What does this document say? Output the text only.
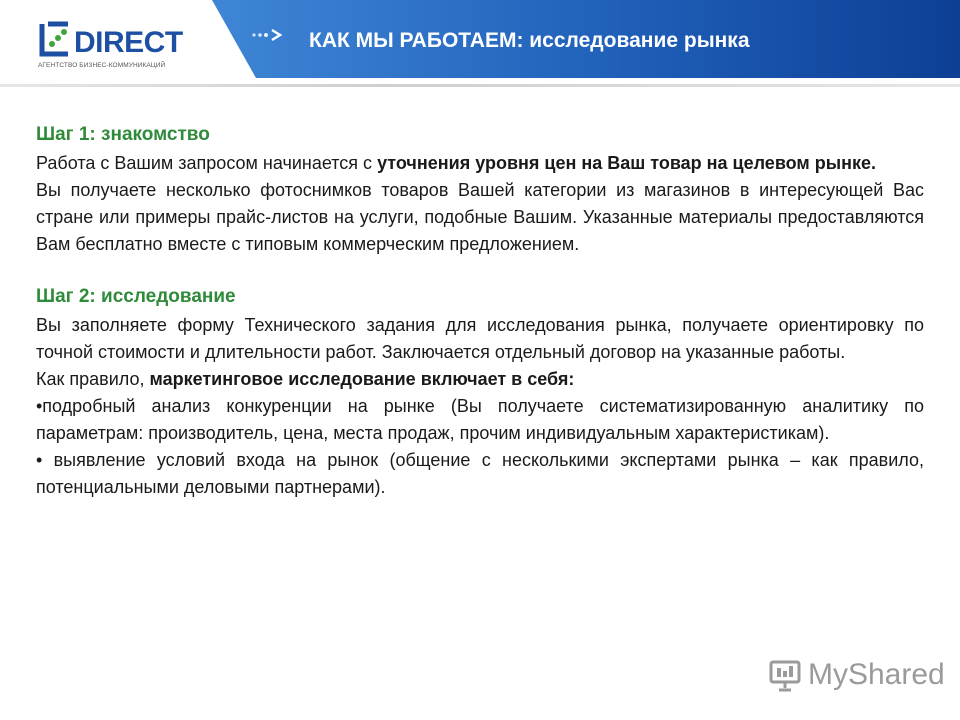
DIRECT
АГЕНТСТВО БИЗНЕС-КОММУНИКАЦИЙ
КАК МЫ РАБОТАЕМ: исследование рынка
Шаг 1: знакомство

Работа с Вашим запросом начинается с уточнения уровня цен на Ваш товар на целевом рынке.

Вы получаете несколько фотоснимков товаров Вашей категории из магазинов в интересующей Вас стране или примеры прайс-листов на услуги, подобные Вашим. Указанные материалы предоставляются Вам бесплатно вместе с типовым коммерческим предложением.

Шаг 2: исследование

Вы заполняете форму Технического задания для исследования рынка, получаете ориентировку по точной стоимости и длительности работ. Заключается отдельный договор на указанные работы.

Как правило, маркетинговое исследование включает в себя:

•подробный анализ конкуренции на рынке (Вы получаете систематизированную аналитику по параметрам: производитель, цена, места продаж, прочим индивидуальным характеристикам).

• выявление условий входа на рынок (общение с несколькими экспертами рынка – как правило, потенциальными деловыми партнерами).

MyShared
